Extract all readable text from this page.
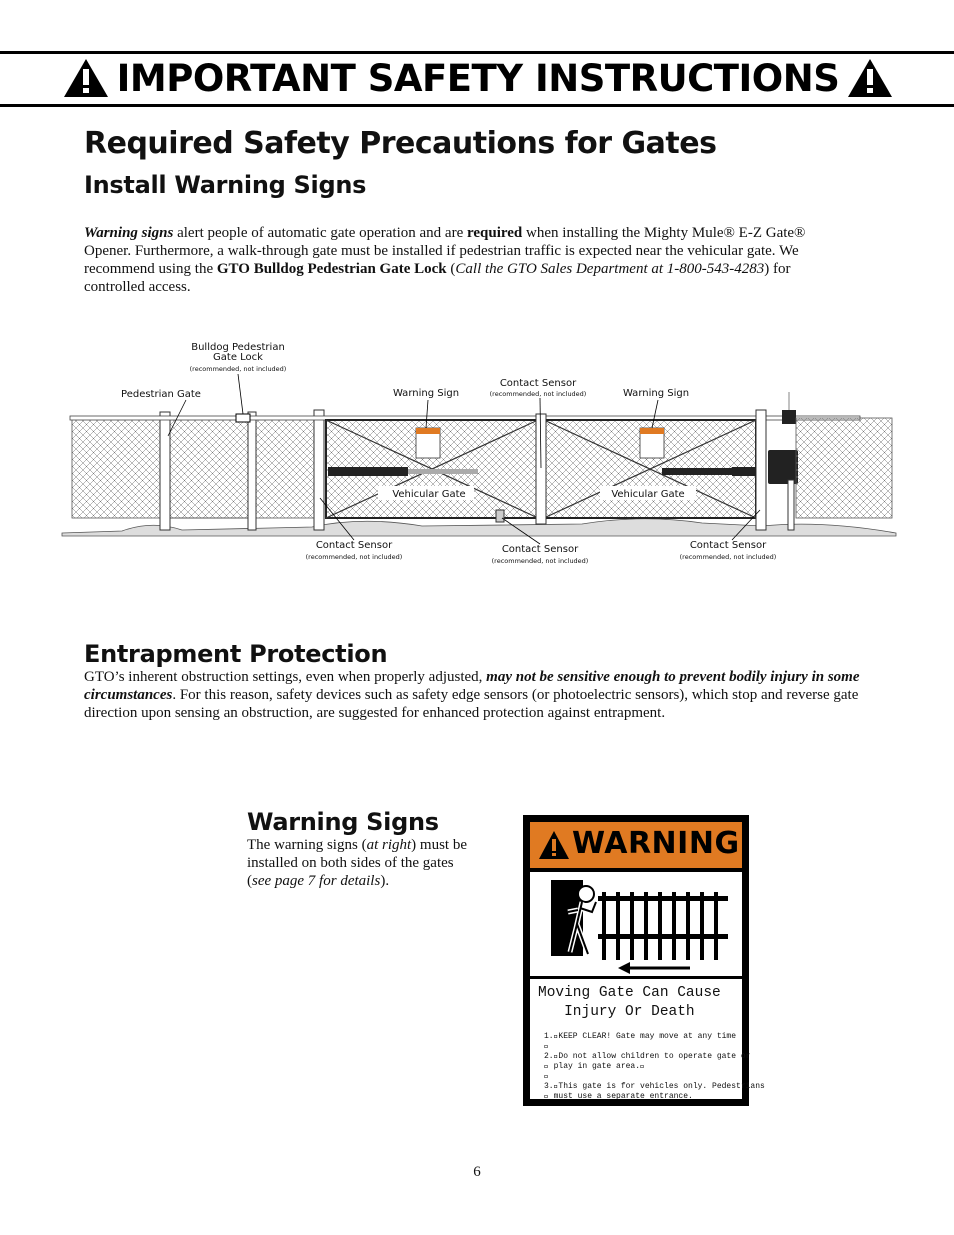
IMPORTANT SAFETY INSTRUCTIONS
Required Safety Precautions for Gates
Install Warning Signs

Warning signs alert people of automatic gate operation and are required when installing the Mighty Mule® E-Z Gate® Opener. Furthermore, a walk-through gate must be installed if pedestrian traffic is expected near the vehicular gate. We recommend using the GTO Bulldog Pedestrian Gate Lock (Call the GTO Sales Department at 1-800-543-4283) for controlled access.

Bulldog Pedestrian
Gate Lock
(recommended, not included)
Pedestrian Gate	Warning Sign
Contact Sensor
(recommended, not included)	Warning Sign
Vehicular Gate	Vehicular Gate
Contact Sensor
(recommended, not included)
Contact Sensor
(recommended, not included)
Contact Sensor
(recommended, not included)
Entrapment Protection

GTO’s inherent obstruction settings, even when properly adjusted, may not be sensitive enough to prevent bodily injury in some circumstances. For this reason, safety devices such as safety edge sensors (or photoelectric sensors), which stop and reverse gate direction upon sensing an obstruction, are suggested for enhanced protection against entrapment.

Warning Signs

The warning signs (at right) must be installed on both sides of the gates (see page 7 for details).

WARNING
Moving Gate Can Cause
Injury Or Death
1. KEEP CLEAR! Gate may move at any time
 
2. Do not allow children to operate gate or
  play in gate area. 
 
3. This gate is for vehicles only. Pedestrians
  must use a separate entrance.
6
